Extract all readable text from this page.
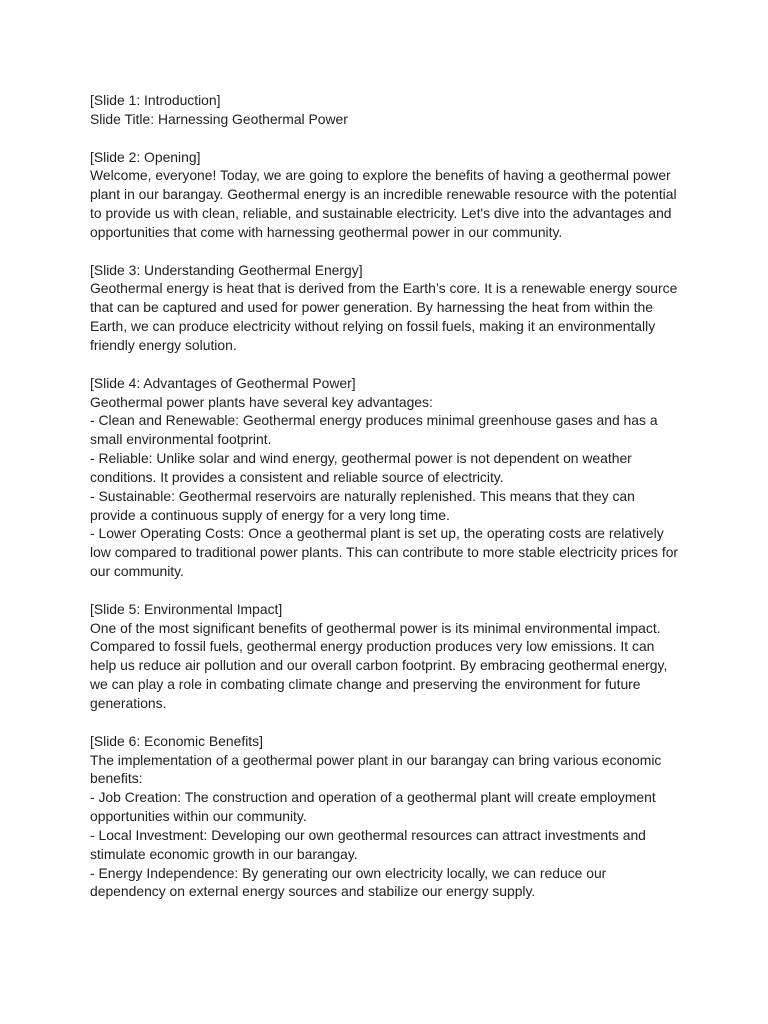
[Slide 1: Introduction]
Slide Title: Harnessing Geothermal Power
[Slide 2: Opening]
Welcome, everyone! Today, we are going to explore the benefits of having a geothermal power
plant in our barangay. Geothermal energy is an incredible renewable resource with the potential
to provide us with clean, reliable, and sustainable electricity. Let's dive into the advantages and
opportunities that come with harnessing geothermal power in our community.
[Slide 3: Understanding Geothermal Energy]
Geothermal energy is heat that is derived from the Earth’s core. It is a renewable energy source
that can be captured and used for power generation. By harnessing the heat from within the
Earth, we can produce electricity without relying on fossil fuels, making it an environmentally
friendly energy solution.
[Slide 4: Advantages of Geothermal Power]
Geothermal power plants have several key advantages:
- Clean and Renewable: Geothermal energy produces minimal greenhouse gases and has a
small environmental footprint.
- Reliable: Unlike solar and wind energy, geothermal power is not dependent on weather
conditions. It provides a consistent and reliable source of electricity.
- Sustainable: Geothermal reservoirs are naturally replenished. This means that they can
provide a continuous supply of energy for a very long time.
- Lower Operating Costs: Once a geothermal plant is set up, the operating costs are relatively
low compared to traditional power plants. This can contribute to more stable electricity prices for
our community.
[Slide 5: Environmental Impact]
One of the most significant benefits of geothermal power is its minimal environmental impact.
Compared to fossil fuels, geothermal energy production produces very low emissions. It can
help us reduce air pollution and our overall carbon footprint. By embracing geothermal energy,
we can play a role in combating climate change and preserving the environment for future
generations.
[Slide 6: Economic Benefits]
The implementation of a geothermal power plant in our barangay can bring various economic
benefits:
- Job Creation: The construction and operation of a geothermal plant will create employment
opportunities within our community.
- Local Investment: Developing our own geothermal resources can attract investments and
stimulate economic growth in our barangay.
- Energy Independence: By generating our own electricity locally, we can reduce our
dependency on external energy sources and stabilize our energy supply.
